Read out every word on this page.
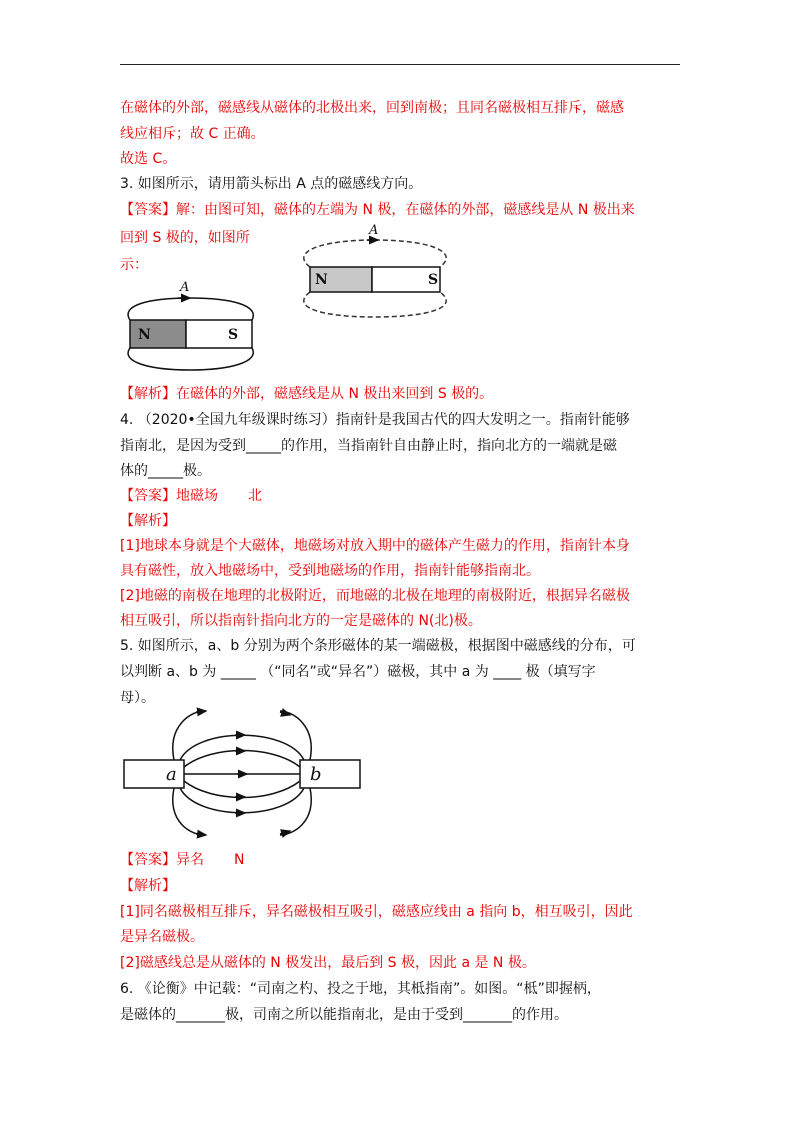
在磁体的外部，磁感线从磁体的北极出来，回到南极；且同名磁极相互排斥，磁感
线应相斥；故 C 正确。
故选 C。
3. 如图所示，请用箭头标出 A 点的磁感线方向。
【答案】解：由图可知，磁体的左端为 N 极，在磁体的外部，磁感线是从 N 极出来
回到 S 极的，如图所
示：
A
N	S
A
N	S
【解析】在磁体的外部，磁感线是从 N 极出来回到 S 极的。
4. （2020•全国九年级课时练习）指南针是我国古代的四大发明之一。指南针能够
指南北，是因为受到_____的作用，当指南针自由静止时，指向北方的一端就是磁
体的_____极。
【答案】地磁场 北
【解析】
[1]地球本身就是个大磁体，地磁场对放入期中的磁体产生磁力的作用，指南针本身
具有磁性，放入地磁场中，受到地磁场的作用，指南针能够指南北。
[2]地磁的南极在地理的北极附近，而地磁的北极在地理的南极附近，根据异名磁极
相互吸引，所以指南针指向北方的一定是磁体的 N(北)极。
5. 如图所示，a、b 分别为两个条形磁体的某一端磁极，根据图中磁感线的分布，可
以判断 a、b 为 _____ （“同名”或“异名”）磁极，其中 a 为 ____ 极（填写字
母）。
a	b
【答案】异名 N
【解析】
[1]同名磁极相互排斥，异名磁极相互吸引，磁感应线由 a 指向 b，相互吸引，因此
是异名磁极。
[2]磁感线总是从磁体的 N 极发出，最后到 S 极，因此 a 是 N 极。
6. 《论衡》中记载：“司南之杓、投之于地，其柢指南”。如图。“柢”即握柄，
是磁体的_______极，司南之所以能指南北，是由于受到_______的作用。
